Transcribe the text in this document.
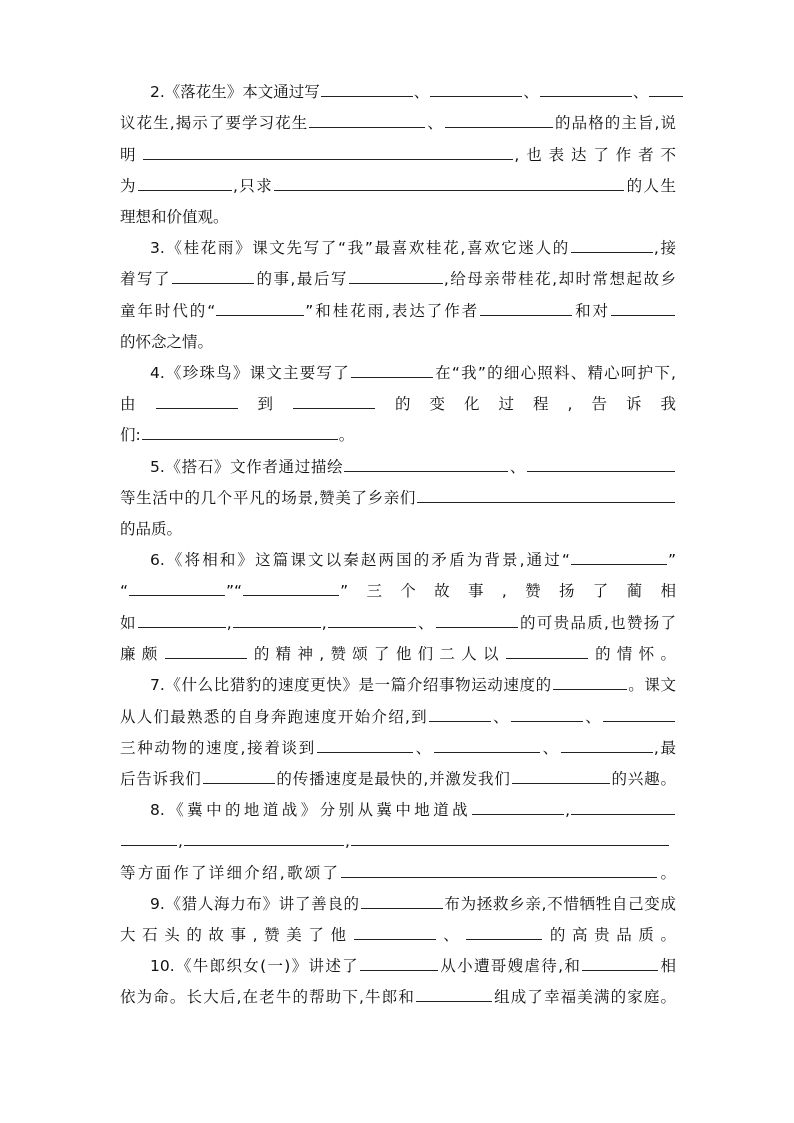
2.《落花生》本文通过写	、	、	、
议花生,揭示了要学习花生	、	的品格的主旨,说
明	,也表达了作者不
为	,只求	的人生
理想和价值观。
3.《桂花雨》课文先写了“我”最喜欢桂花,喜欢它迷人的	,接
着写了	的事,最后写	,给母亲带桂花,却时常想起故乡
童年时代的“	”和桂花雨,表达了作者	和对
的怀念之情。
4.《珍珠鸟》课文主要写了	在“我”的细心照料、精心呵护下,
由	到	的变化过程,告诉我
们:	。
5.《搭石》文作者通过描绘	、
等生活中的几个平凡的场景,赞美了乡亲们
的品质。
6.《将相和》这篇课文以秦赵两国的矛盾为背景,通过“	”
“	”“	”三个故事,赞扬了蔺相
如	,	,	、	的可贵品质,也赞扬了
廉颇	的精神,赞颂了他们二人以	的情怀。
7.《什么比猎豹的速度更快》是一篇介绍事物运动速度的	。课文
从人们最熟悉的自身奔跑速度开始介绍,到	、	、
三种动物的速度,接着谈到	、	、	,最
后告诉我们	的传播速度是最快的,并激发我们	的兴趣。
8.《冀中的地道战》分别从冀中地道战	,
,	,
等方面作了详细介绍,歌颂了	。
9.《猎人海力布》讲了善良的	布为拯救乡亲,不惜牺牲自己变成
大石头的故事,赞美了他	、	的高贵品质。
10.《牛郎织女(一)》讲述了	从小遭哥嫂虐待,和	相
依为命。长大后,在老牛的帮助下,牛郎和	组成了幸福美满的家庭。
